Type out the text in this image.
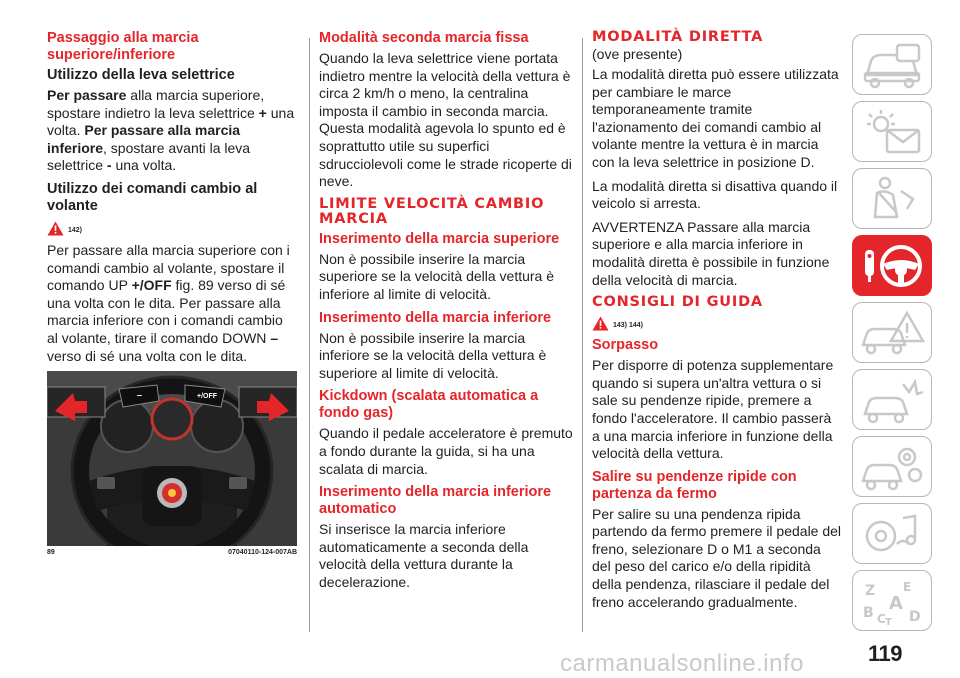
Passaggio alla marcia superiore/inferiore
Utilizzo della leva selettrice

Per passare alla marcia superiore, spostare indietro la leva selettrice + una volta. Per passare alla marcia inferiore, spostare avanti la leva selettrice - una volta.

Utilizzo dei comandi cambio al volante
142)

Per passare alla marcia superiore con i comandi cambio al volante, spostare il comando UP +/OFF fig. 89 verso di sé una volta con le dita. Per passare alla marcia inferiore con i comandi cambio al volante, tirare il comando DOWN – verso di sé una volta con le dita.

–	+/OFF
89	07040110-124-007AB
Modalità seconda marcia fissa

Quando la leva selettrice viene portata indietro mentre la velocità della vettura è circa 2 km/h o meno, la centralina imposta il cambio in seconda marcia. Questa modalità agevola lo spunto ed è soprattutto utile su superfici sdrucciolevoli come le strade ricoperte di neve.

LIMITE VELOCITÀ CAMBIO MARCIA
Inserimento della marcia superiore

Non è possibile inserire la marcia superiore se la velocità della vettura è inferiore al limite di velocità.

Inserimento della marcia inferiore

Non è possibile inserire la marcia inferiore se la velocità della vettura è superiore al limite di velocità.

Kickdown (scalata automatica a fondo gas)

Quando il pedale acceleratore è premuto a fondo durante la guida, si ha una scalata di marcia.

Inserimento della marcia inferiore automatico

Si inserisce la marcia inferiore automaticamente a seconda della velocità della vettura durante la decelerazione.

MODALITÀ DIRETTA
(ove presente)

La modalità diretta può essere utilizzata per cambiare le marce temporaneamente tramite l'azionamento dei comandi cambio al volante mentre la vettura è in marcia con la leva selettrice in posizione D.

La modalità diretta si disattiva quando il veicolo si arresta.

AVVERTENZA Passare alla marcia superiore e alla marcia inferiore in modalità diretta è possibile in funzione della velocità di marcia.

CONSIGLI DI GUIDA
143) 144)
Sorpasso

Per disporre di potenza supplementare quando si supera un'altra vettura o si sale su pendenze ripide, premere a fondo l'acceleratore. Il cambio passerà a una marcia inferiore in funzione della velocità della vettura.

Salire su pendenze ripide con partenza da fermo

Per salire su una pendenza ripida partendo da fermo premere il pedale del freno, selezionare D o M1 a seconda del peso del carico e/o della ripidità della pendenza, rilasciare il pedale del freno accelerando gradualmente.

Z E
A
B C T D
119
carmanualsonline.info
